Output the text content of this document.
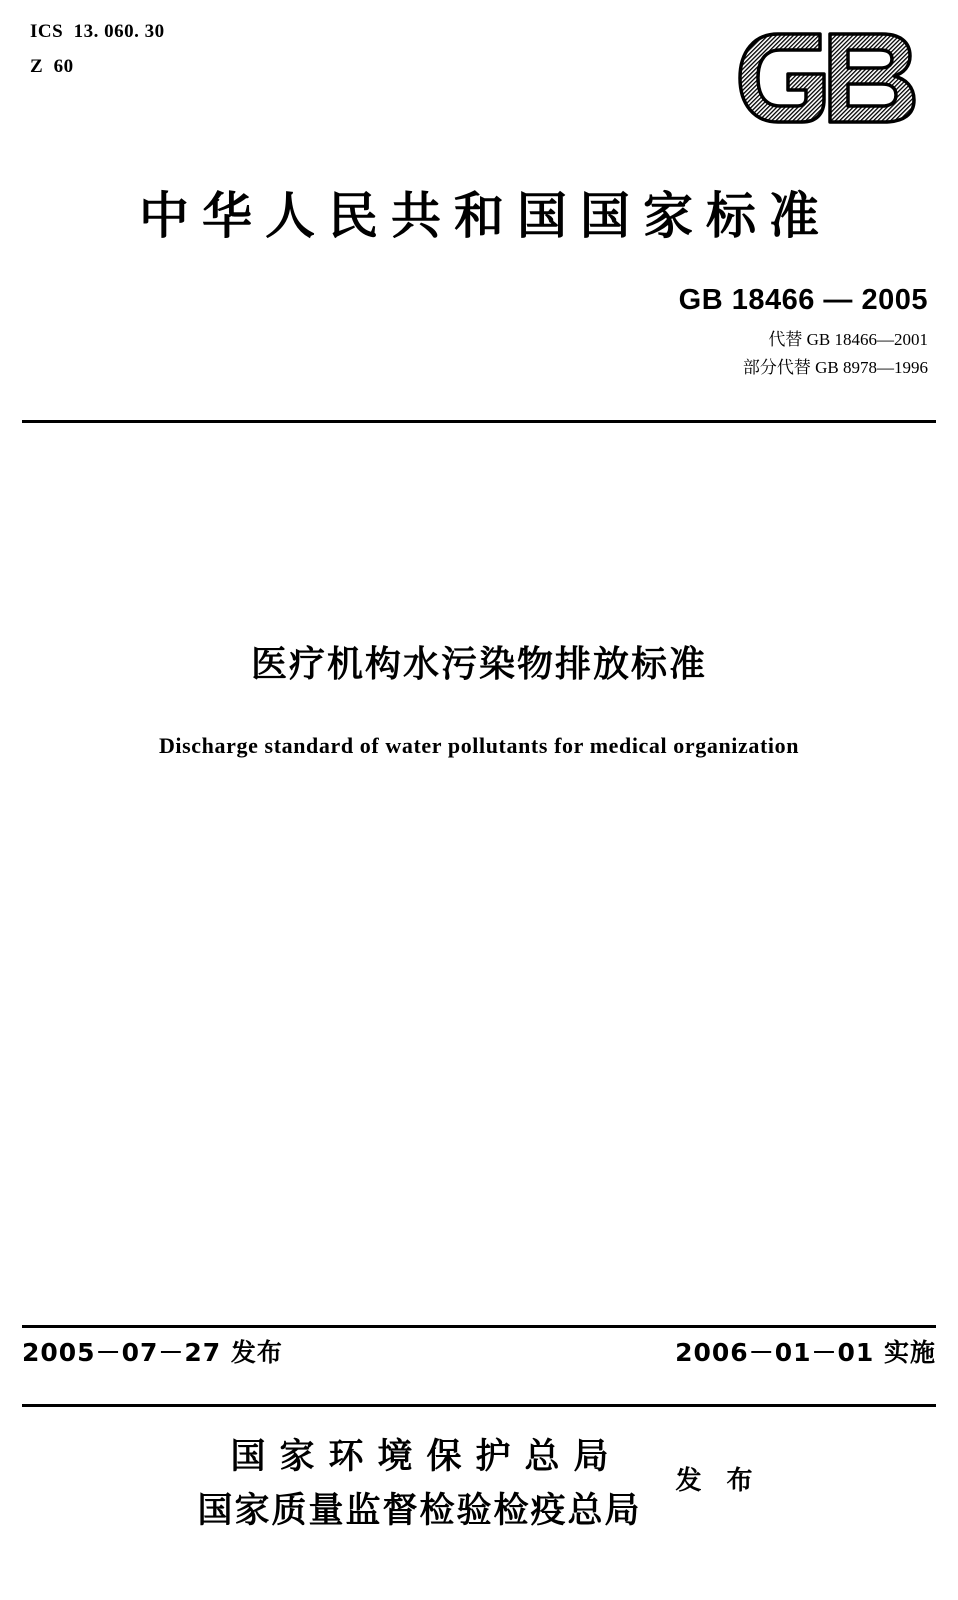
ICS  13. 060. 30
Z  60
中华人民共和国国家标准
GB 18466 — 2005
代替 GB 18466—2001
部分代替 GB 8978—1996
医疗机构水污染物排放标准
Discharge standard of water pollutants for medical organization
2005－07－27 发布	2006－01－01 实施
国家环境保护总局
国家质量监督检验检疫总局
发 布
